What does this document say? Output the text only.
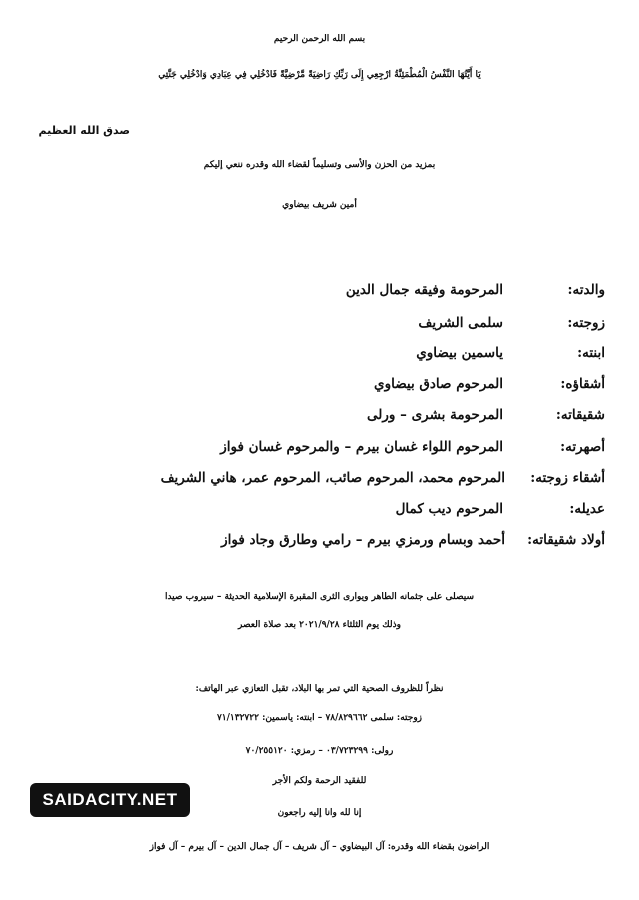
بسم الله الرحمن الرحيم
يَا أَيَّتُهَا النَّفْسُ الْمُطْمَئِنَّةُ ارْجِعِي إِلَى رَبِّكِ رَاضِيَةً مَّرْضِيَّةً فَادْخُلِي فِي عِبَادِي وَادْخُلِي جَنَّتِي
صدق الله العظيم
بمزيد من الحزن والأسى وتسليماً لقضاء الله وقدره ننعي إليكم
أمين شريف بيضاوي
والدته:
المرحومة وفيقه جمال الدين
زوجته:
سلمى الشريف
ابنته:
ياسمين بيضاوي
أشقاؤه:
المرحوم صادق بيضاوي
شقيقاته:
المرحومة بشرى – ورلى
أصهرته:
المرحوم اللواء غسان بيرم – والمرحوم غسان فواز
أشقاء زوجته:
المرحوم محمد، المرحوم صائب، المرحوم عمر، هاني الشريف
عديله:
المرحوم ديب كمال
أولاد شقيقاته:
أحمد وبسام ورمزي بيرم – رامي وطارق وجاد فواز
سيصلى على جثمانه الطاهر ويوارى الثرى المقبرة الإسلامية الحديثة – سيروب صيدا
وذلك يوم الثلثاء ٢٠٢١/٩/٢٨ بعد صلاة العصر
نظراً للظروف الصحية التي تمر بها البلاد، تقبل التعازي عبر الهاتف:
زوجته: سلمى ٧٨/٨٢٩٦٦٢ – ابنته: ياسمين: ٧١/١٣٢٧٢٢
رولى: ٠٣/٧٢٣٢٩٩ – رمزي: ٧٠/٢٥٥١٢٠
للفقيد الرحمة ولكم الأجر
إنا لله وانا إليه راجعون
الراضون بقضاء الله وقدره: آل البيضاوي – آل شريف – آل جمال الدين – آل بيرم – آل فواز
SAIDACITY.NET
